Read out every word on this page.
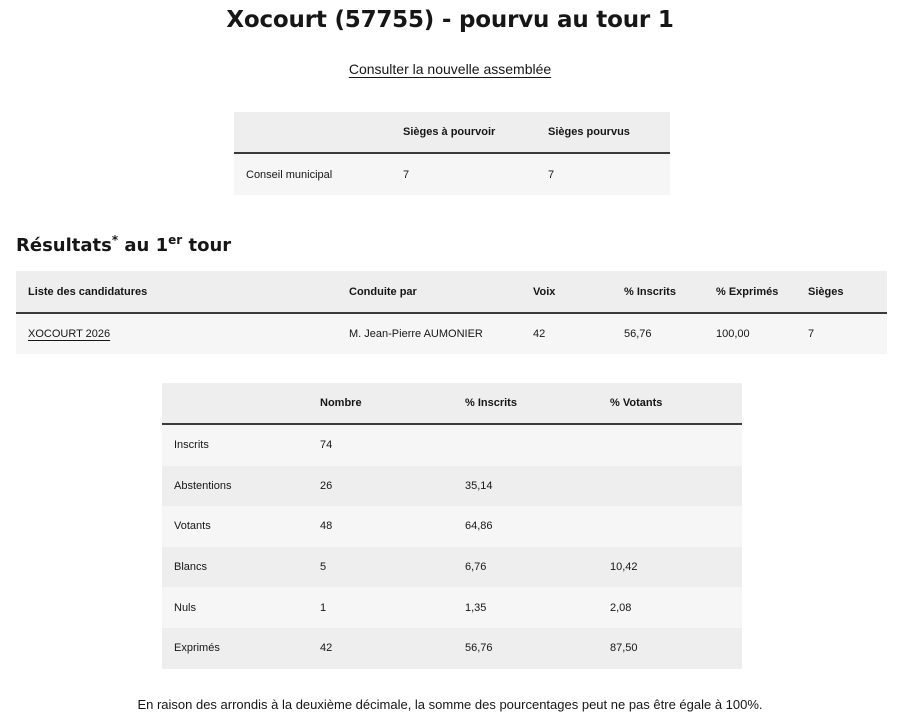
Xocourt (57755) - pourvu au tour 1
Consulter la nouvelle assemblée
	Sièges à pourvoir	Sièges pourvus
Conseil municipal	7	7
Résultats* au 1er tour
Liste des candidatures	Conduite par	Voix	% Inscrits	% Exprimés	Sièges
XOCOURT 2026	M. Jean-Pierre AUMONIER	42	56,76	100,00	7
	Nombre	% Inscrits	% Votants
Inscrits	74		
Abstentions	26	35,14	
Votants	48	64,86	
Blancs	5	6,76	10,42
Nuls	1	1,35	2,08
Exprimés	42	56,76	87,50
En raison des arrondis à la deuxième décimale, la somme des pourcentages peut ne pas être égale à 100%.
